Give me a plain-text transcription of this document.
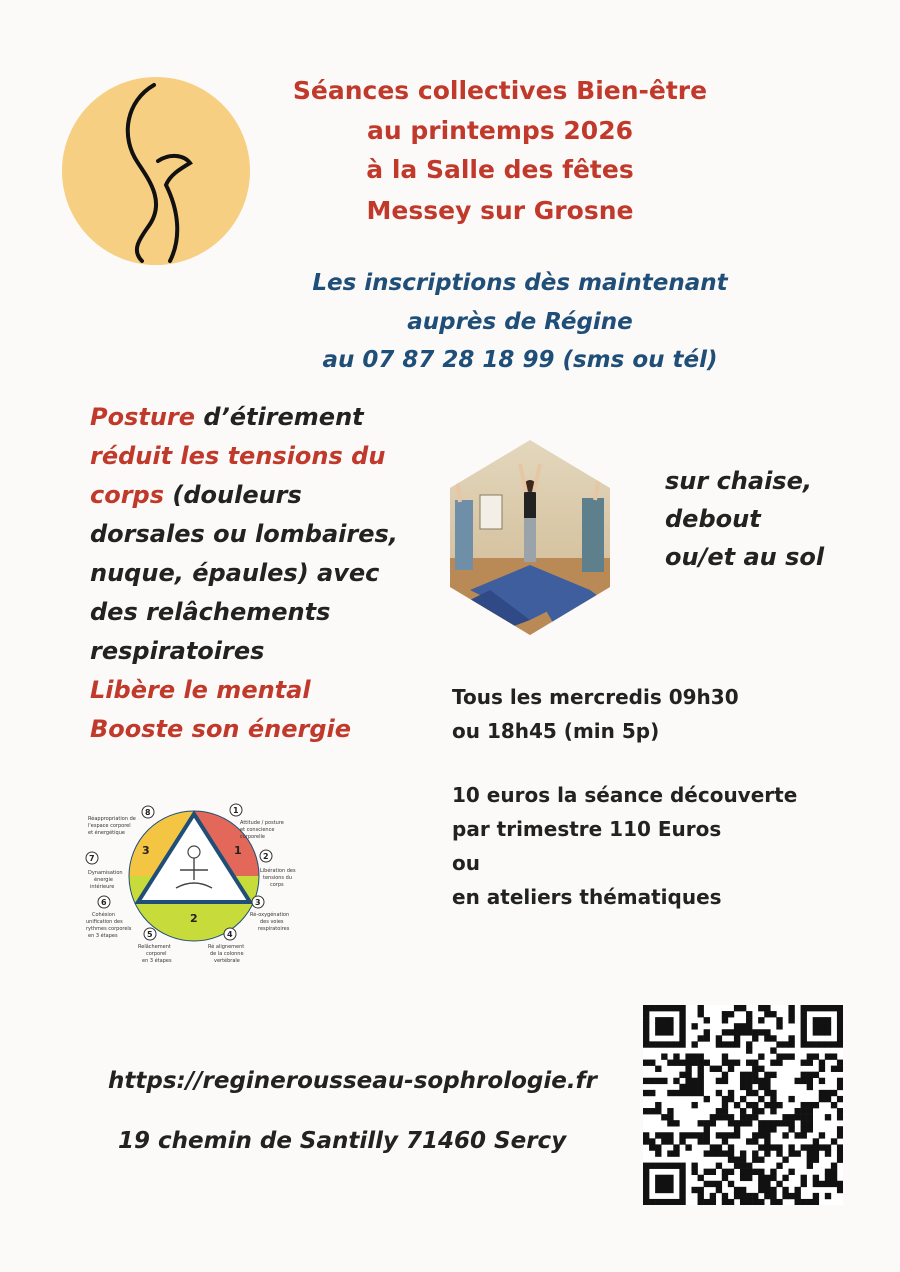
Séances collectives Bien-être
au printemps 2026
à la Salle des fêtes
Messey sur Grosne
Les inscriptions dès maintenant
auprès de Régine
au 07 87 28 18 99 (sms ou tél)
Posture d’étirement
réduit les tensions du
corps (douleurs
dorsales ou lombaires,
nuque, épaules) avec
des relâchements
respiratoires
Libère le mental
Booste son énergie
sur chaise,
debout
ou/et au sol
Tous les mercredis 09h30
ou 18h45 (min 5p)
10 euros la séance découverte
par trimestre 110 Euros
ou
en ateliers thématiques
1
2
3
8
Réappropriation de
l'espace corporel
et énergétique
1
Attitude / posture
et conscience
corporelle
7
Dynamisation
énergie
intérieure
2
Libération des
tensions du
corps
6
Cohésion
unification des
rythmes corporels
en 3 étapes
3
Ré-oxygénation
des voies
respiratoires
5
Relâchement
corporel
en 3 étapes
4
Ré alignement
de la colonne
vertébrale
https://reginerousseau-sophrologie.fr
19 chemin de Santilly 71460 Sercy
